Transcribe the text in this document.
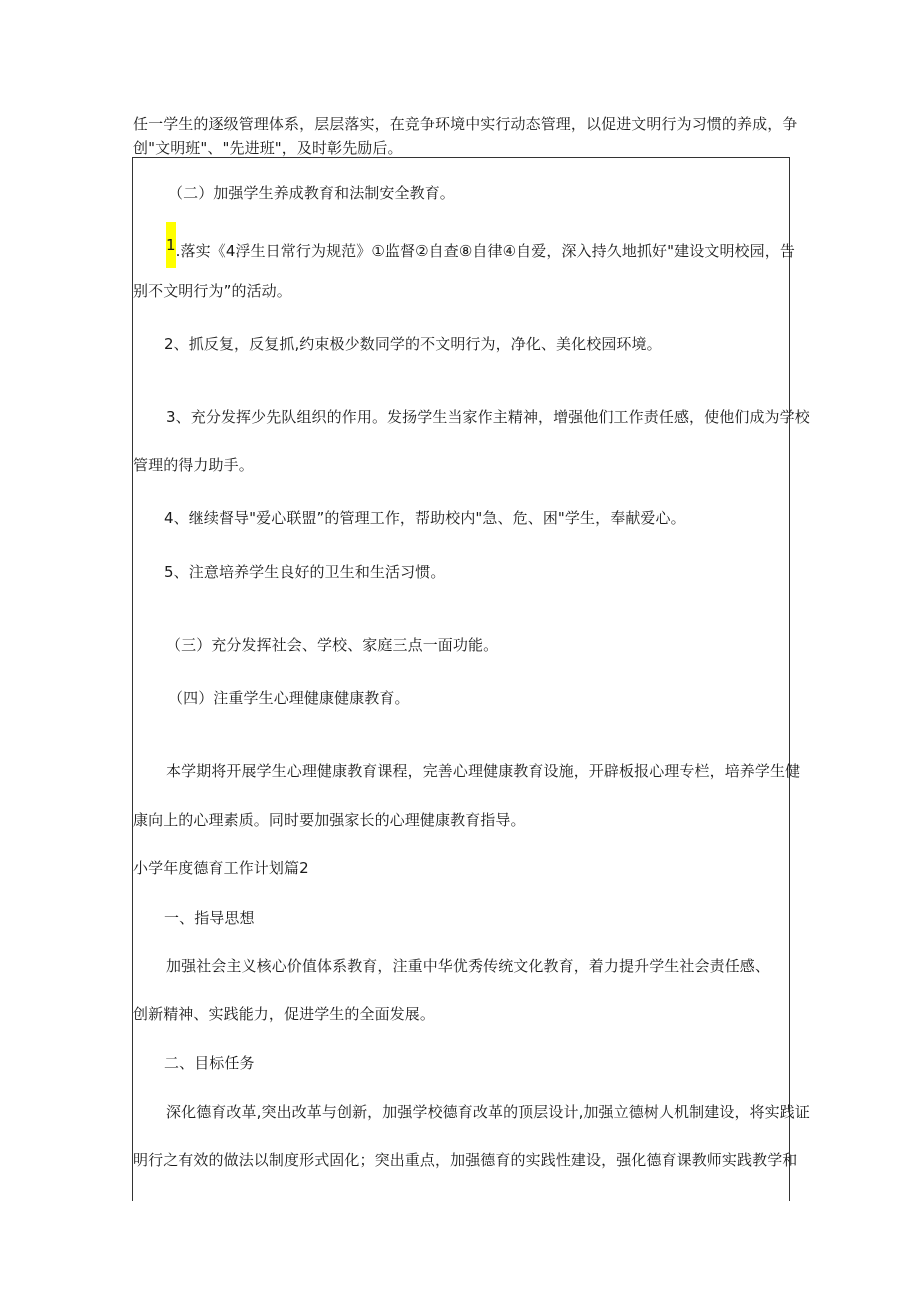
任一学生的逐级管理体系，层层落实，在竞争环境中实行动态管理，以促进文明行为习惯的养成，争

创"文明班"、"先进班"，及时彰先励后。

（二）加强学生养成教育和法制安全教育。

1.落实《4浮生日常行为规范》①监督②自查⑧自律④自爱，深入持久地抓好"建设文明校园，告

别不文明行为”的活动。

2、抓反复，反复抓,约束极少数同学的不文明行为，净化、美化校园环境。

3、充分发挥少先队组织的作用。发扬学生当家作主精神，增强他们工作责任感，使他们成为学校

管理的得力助手。

4、继续督导"爱心联盟”的管理工作，帮助校内"急、危、困"学生，奉献爱心。

5、注意培养学生良好的卫生和生活习惯。

（三）充分发挥社会、学校、家庭三点一面功能。

（四）注重学生心理健康健康教育。

本学期将开展学生心理健康教育课程，完善心理健康教育设施，开辟板报心理专栏，培养学生健

康向上的心理素质。同时要加强家长的心理健康教育指导。

小学年度德育工作计划篇2

一、指导思想

加强社会主义核心价值体系教育，注重中华优秀传统文化教育，着力提升学生社会责任感、

创新精神、实践能力，促进学生的全面发展。

二、目标任务

深化德育改革,突出改革与创新，加强学校德育改革的顶层设计,加强立德树人机制建设，将实践证

明行之有效的做法以制度形式固化；突出重点，加强德育的实践性建设，强化德育课教师实践教学和
